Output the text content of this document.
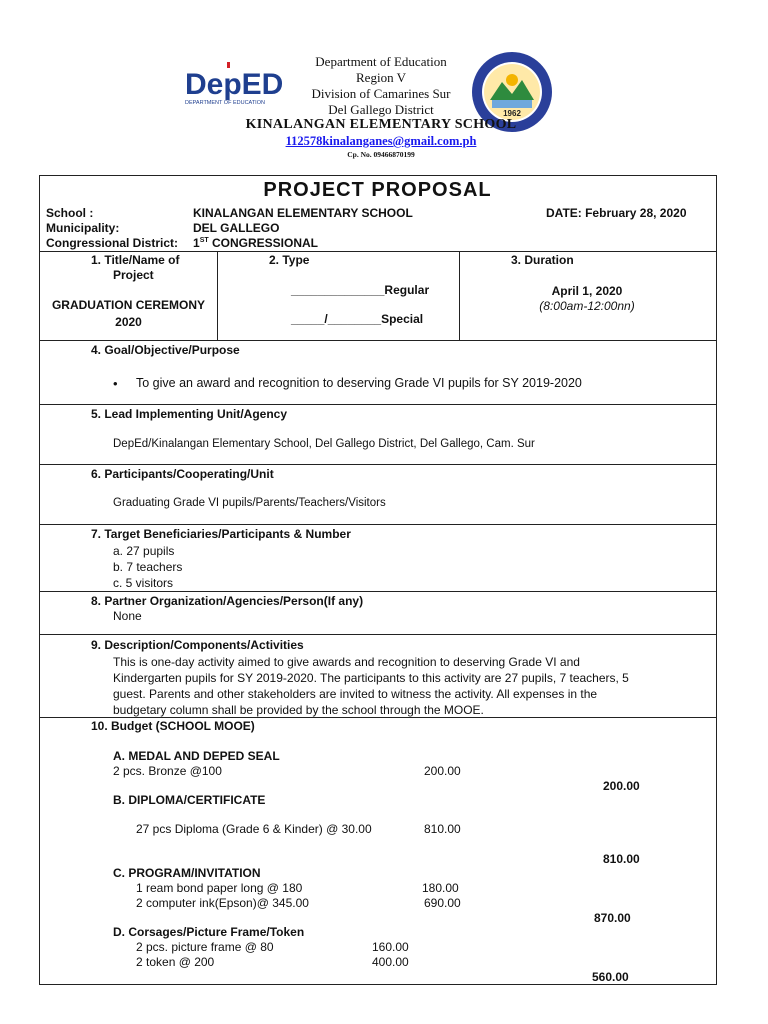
DepED
DEPARTMENT OF EDUCATION
1962
Department of Education
Region V
Division of Camarines Sur
Del Gallego District
KINALANGAN ELEMENTARY SCHOOL
112578kinalanganes@gmail.com.ph
Cp. No. 09466870199
PROJECT PROPOSAL
School :	KINALANGAN ELEMENTARY SCHOOL	DATE: February 28, 2020
Municipality:	DEL GALLEGO
Congressional District: 1ST CONGRESSIONAL
1. Title/Name of
Project
GRADUATION CEREMONY
2020
2. Type
______________Regular
_____/________Special
3. Duration
April 1, 2020
(8:00am-12:00nn)
4. Goal/Objective/Purpose
• To give an award and recognition to deserving Grade VI pupils for SY 2019-2020
5. Lead Implementing Unit/Agency
DepEd/Kinalangan Elementary School, Del Gallego District, Del Gallego, Cam. Sur
6. Participants/Cooperating/Unit
Graduating Grade VI pupils/Parents/Teachers/Visitors
7. Target Beneficiaries/Participants & Number
a. 27 pupils
b. 7 teachers
c. 5 visitors
8. Partner Organization/Agencies/Person(If any)
None
9. Description/Components/Activities
This is one-day activity aimed to give awards and recognition to deserving Grade VI and
Kindergarten pupils for SY 2019-2020. The participants to this activity are 27 pupils, 7 teachers, 5
guest. Parents and other stakeholders are invited to witness the activity. All expenses in the
budgetary column shall be provided by the school through the MOOE.
10. Budget (SCHOOL MOOE)
A. MEDAL AND DEPED SEAL
2 pcs. Bronze @100	200.00
200.00
B. DIPLOMA/CERTIFICATE
27 pcs Diploma (Grade 6 & Kinder) @ 30.00	810.00
810.00
C. PROGRAM/INVITATION
1 ream bond paper long @ 180	180.00
2 computer ink(Epson)@ 345.00	690.00
870.00
D. Corsages/Picture Frame/Token
2 pcs. picture frame @ 80	160.00
2 token @ 200	400.00
560.00
